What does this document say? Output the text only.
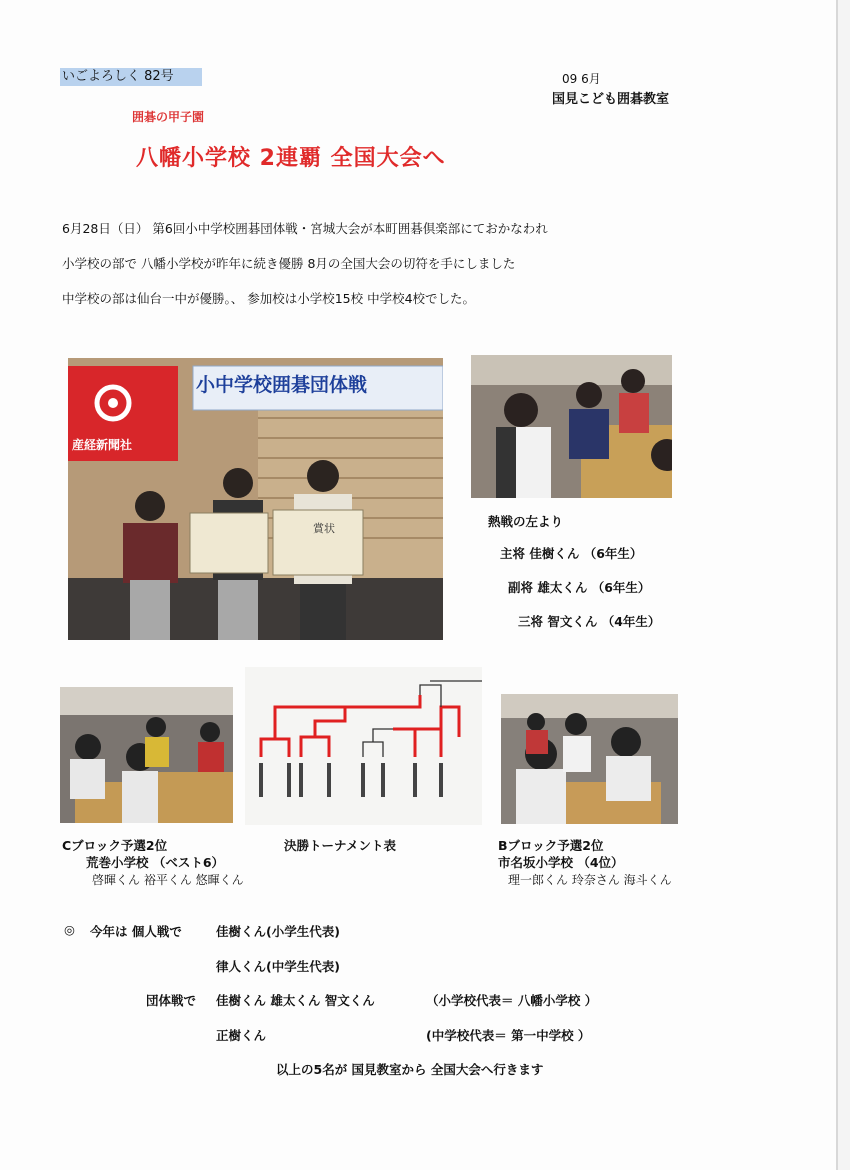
いごよろしく 82号	09 6月
国見こども囲碁教室
囲碁の甲子園
八幡小学校 2連覇 全国大会へ
6月28日（日） 第6回小中学校囲碁団体戦・宮城大会が本町囲碁倶楽部にておかなわれ
小学校の部で 八幡小学校が昨年に続き優勝 8月の全国大会の切符を手にしました
中学校の部は仙台一中が優勝。、 参加校は小学校15校 中学校4校でした。
小中学校囲碁団体戦
産経新聞社
賞状	熱戦の左より
主将 佳樹くん （6年生）
副将 雄太くん （6年生）
三将 智文くん （4年生）
Cブロック予選2位
荒巻小学校 （ベスト6）
啓暉くん 裕平くん 悠暉くん
決勝トーナメント表	Bブロック予選2位
市名坂小学校 （4位）
理一郎くん 玲奈さん 海斗くん
◎ 今年は 個人戦で	佳樹くん(小学生代表)
律人くん(中学生代表)
団体戦で 佳樹くん 雄太くん 智文くん	（小学校代表＝ 八幡小学校 ）
正樹くん	(中学校代表＝ 第一中学校 ）
以上の5名が 国見教室から 全国大会へ行きます
